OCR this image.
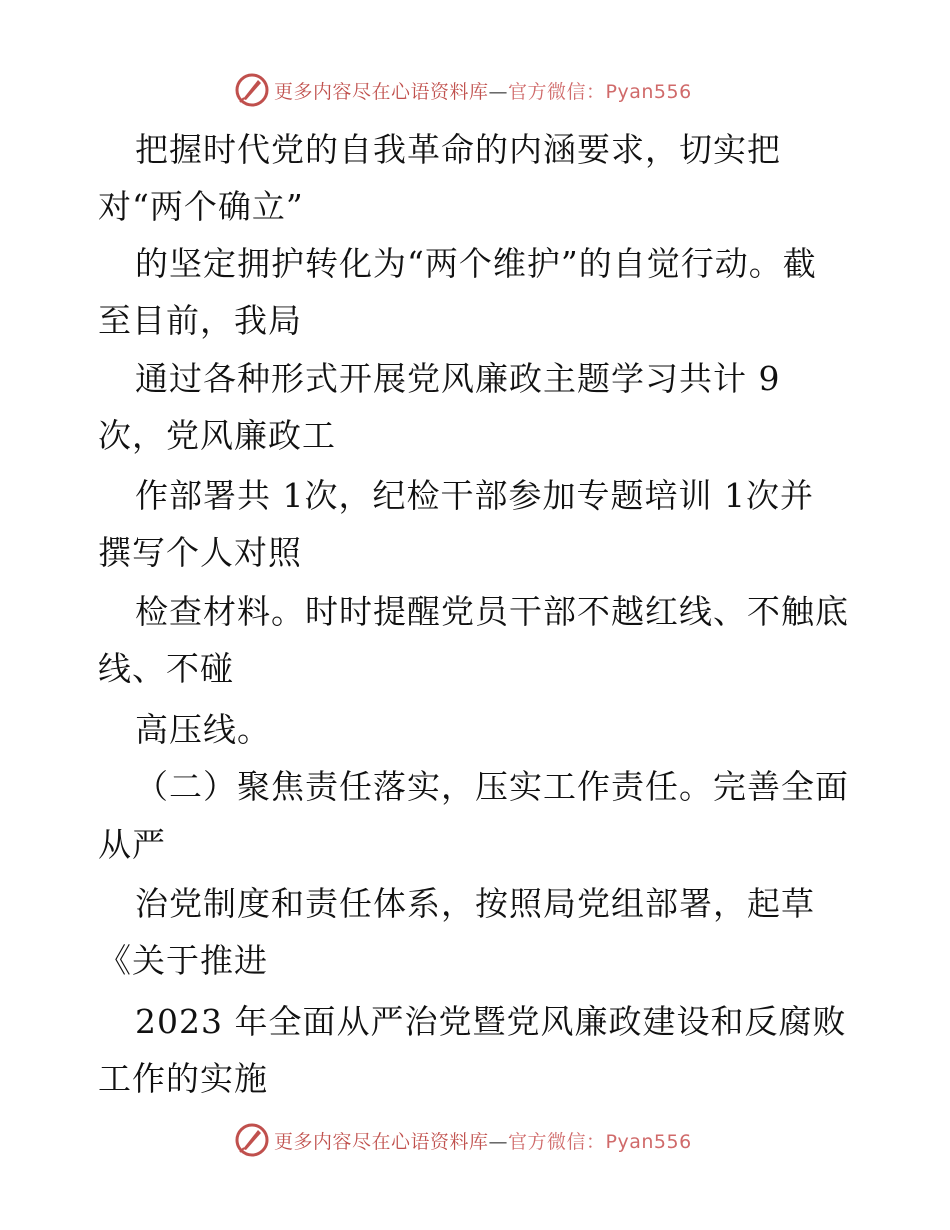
更多内容尽在心语资料库—官方微信：Pyan556
把握时代党的自我革命的内涵要求，切实把
对“两个确立”
的坚定拥护转化为“两个维护”的自觉行动。截
至目前，我局
通过各种形式开展党风廉政主题学习共计 9
次，党风廉政工
作部署共 1次，纪检干部参加专题培训 1次并
撰写个人对照
检查材料。时时提醒党员干部不越红线、不触底
线、不碰
高压线。
（二）聚焦责任落实，压实工作责任。完善全面
从严
治党制度和责任体系，按照局党组部署，起草
《关于推进
2023 年全面从严治党暨党风廉政建设和反腐败
工作的实施
更多内容尽在心语资料库—官方微信：Pyan556
